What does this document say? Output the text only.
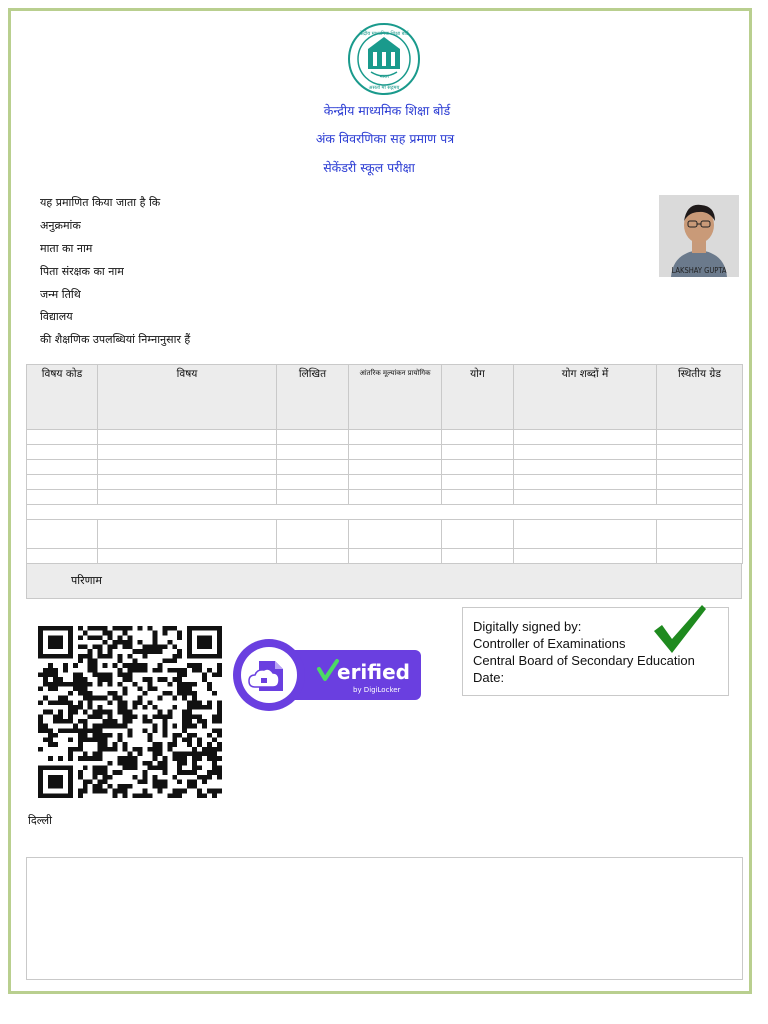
केंद्रीय माध्यमिक शिक्षा बोर्ड
भारत
असतो मा सद्गमय
केन्द्रीय माध्यमिक शिक्षा बोर्ड
अंक विवरणिका सह प्रमाण पत्र
सेकेंडरी स्कूल परीक्षा
यह प्रमाणित किया जाता है कि
अनुक्रमांक
माता का नाम
पिता संरक्षक का नाम
जन्म तिथि
विद्यालय
की शैक्षणिक उपलब्धियां निम्नानुसार हैं
LAKSHAY GUPTA
विषय कोड	विषय	लिखित	आंतरिक मूल्यांकन प्रायोगिक	योग	योग शब्दों में	स्थितीय ग्रेड

परिणाम
erified
by DigiLocker
Digitally signed by:
Controller of Examinations
Central Board of Secondary Education
Date:
दिल्ली
